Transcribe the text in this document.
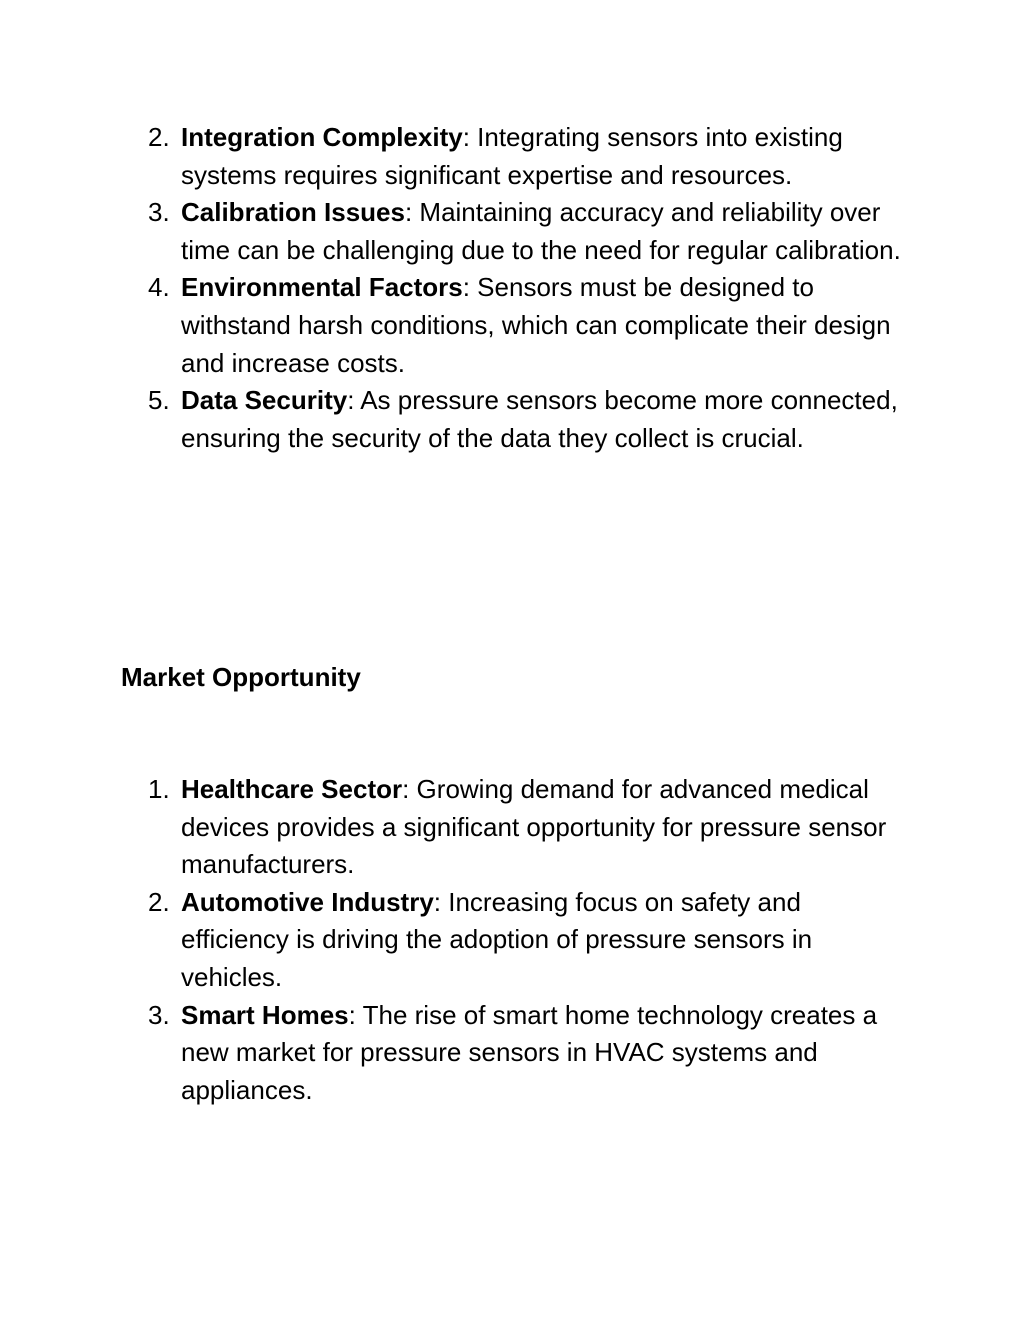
2. Integration Complexity: Integrating sensors into existing systems requires significant expertise and resources.
3. Calibration Issues: Maintaining accuracy and reliability over time can be challenging due to the need for regular calibration.
4. Environmental Factors: Sensors must be designed to withstand harsh conditions, which can complicate their design and increase costs.
5. Data Security: As pressure sensors become more connected, ensuring the security of the data they collect is crucial.
Market Opportunity
1. Healthcare Sector: Growing demand for advanced medical devices provides a significant opportunity for pressure sensor manufacturers.
2. Automotive Industry: Increasing focus on safety and efficiency is driving the adoption of pressure sensors in vehicles.
3. Smart Homes: The rise of smart home technology creates a new market for pressure sensors in HVAC systems and appliances.
